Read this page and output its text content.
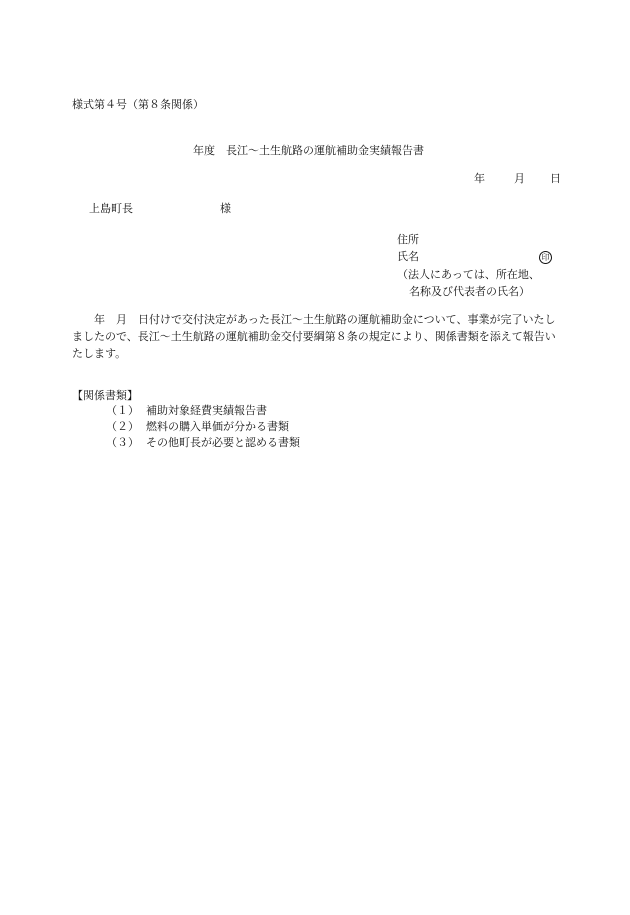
様式第４号（第８条関係）
年度　長江〜土生航路の運航補助金実績報告書
年	月 日
上島町長	様
住所
氏名	印
（法人にあっては、所在地、
名称及び代表者の氏名）
年　月　日付けで交付決定があった長江〜土生航路の運航補助金について、事業が完了いたしましたので、長江〜土生航路の運航補助金交付要綱第８条の規定により、関係書類を添えて報告いたします。
【関係書類】
（１） 補助対象経費実績報告書
（２） 燃料の購入単価が分かる書類
（３） その他町長が必要と認める書類
